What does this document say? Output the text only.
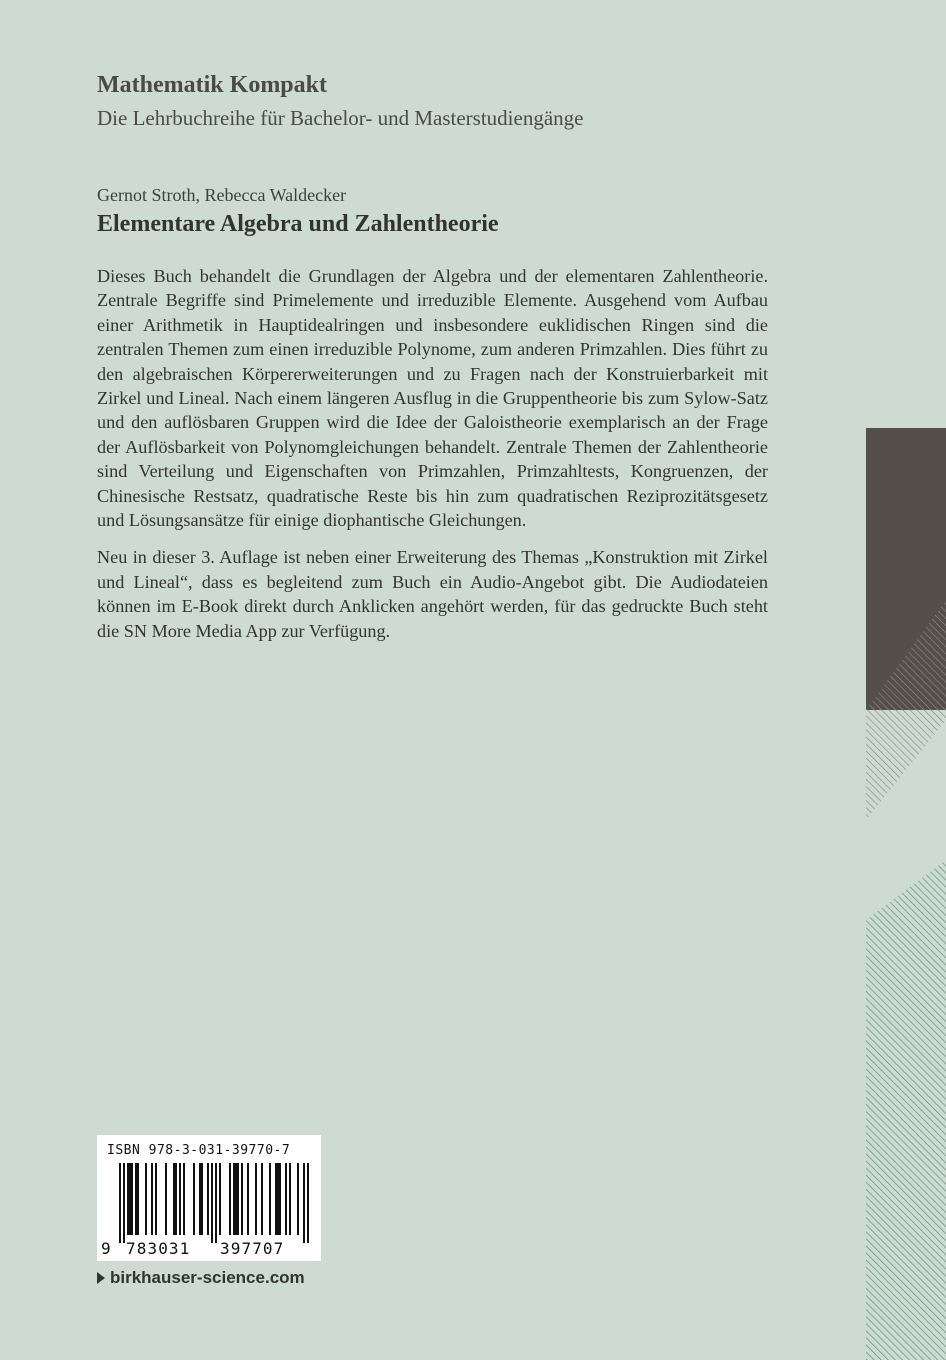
Mathematik Kompakt
Die Lehrbuchreihe für Bachelor- und Masterstudiengänge
Gernot Stroth, Rebecca Waldecker
Elementare Algebra und Zahlentheorie

Dieses Buch behandelt die Grundlagen der Algebra und der elementaren Zahlentheorie. Zentrale Begriffe sind Primelemente und irreduzible Elemente. Ausgehend vom Aufbau einer Arithmetik in Hauptidealringen und insbesondere euklidischen Ringen sind die zentralen Themen zum einen irreduzible Polynome, zum anderen Primzahlen. Dies führt zu den algebraischen Körpererweiterungen und zu Fragen nach der Konstruierbarkeit mit Zirkel und Lineal. Nach einem längeren Ausflug in die Gruppentheorie bis zum Sylow-Satz und den auflösbaren Gruppen wird die Idee der Galoistheorie exemplarisch an der Frage der Auflösbarkeit von Polynomgleichungen behandelt. Zentrale Themen der Zahlentheorie sind Verteilung und Eigenschaften von Primzahlen, Primzahltests, Kongruenzen, der Chinesische Restsatz, quadratische Reste bis hin zum quadratischen Reziprozitätsgesetz und Lösungsansätze für einige diophantische Gleichungen.

Neu in dieser 3. Auflage ist neben einer Erweiterung des Themas „Konstruktion mit Zirkel und Lineal“, dass es begleitend zum Buch ein Audio-Angebot gibt. Die Audiodateien können im E-Book direkt durch Anklicken angehört werden, für das gedruckte Buch steht die SN More Media App zur Verfügung.

ISBN 978-3-031-39770-7
9 783031 397707
birkhauser-science.com
